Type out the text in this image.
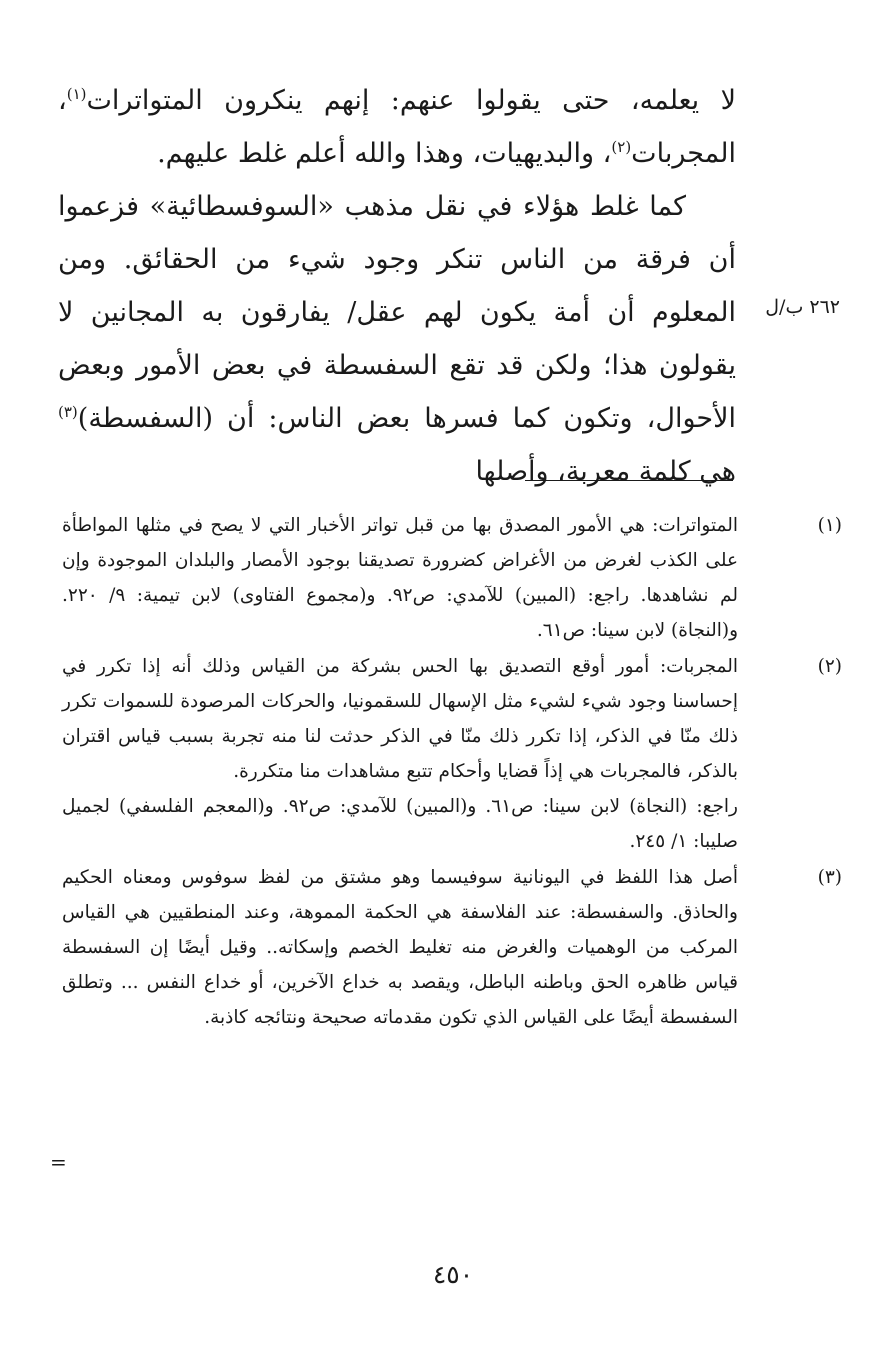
لا يعلمه، حتى يقولوا عنهم: إنهم ينكرون المتواترات$^{(١)}$، المجربات$^{(٢)}$، والبديهيات، وهذا والله أعلم غلط عليهم.

كما غلط هؤلاء في نقل مذهب «السوفسطائية» فزعموا أن فرقة من الناس تنكر وجود شيء من الحقائق. ومن المعلوم أن أمة يكون لهم عقل/ يفارقون به المجانين لا يقولون هذا؛ ولكن قد تقع السفسطة في بعض الأمور وبعض الأحوال، وتكون كما فسرها بعض الناس: أن (السفسطة)$^{(٣)}$ هي كلمة معربة، وأصلها

٢٦٢ ب/ل
(١)

المتواترات: هي الأمور المصدق بها من قبل تواتر الأخبار التي لا يصح في مثلها المواطأة على الكذب لغرض من الأغراض كضرورة تصديقنا بوجود الأمصار والبلدان الموجودة وإن لم نشاهدها. راجع: (المبين) للآمدي: ص٩٢. و(مجموع الفتاوى) لابن تيمية: ٩/ ٢٢٠. و(النجاة) لابن سينا: ص٦١.

(٢)

المجربات: أمور أوقع التصديق بها الحس بشركة من القياس وذلك أنه إذا تكرر في إحساسنا وجود شيء لشيء مثل الإسهال للسقمونيا، والحركات المرصودة للسموات تكرر ذلك منّا في الذكر، إذا تكرر ذلك منّا في الذكر حدثت لنا منه تجربة بسبب قياس اقتران بالذكر، فالمجربات هي إذاً قضايا وأحكام تتبع مشاهدات منا متكررة.

راجع: (النجاة) لابن سينا: ص٦١. و(المبين) للآمدي: ص٩٢. و(المعجم الفلسفي) لجميل صليبا: ١/ ٢٤٥.

(٣)

أصل هذا اللفظ في اليونانية سوفيسما وهو مشتق من لفظ سوفوس ومعناه الحكيم والحاذق. والسفسطة: عند الفلاسفة هي الحكمة المموهة، وعند المنطقيين هي القياس المركب من الوهميات والغرض منه تغليط الخصم وإسكاته.. وقيل أيضًا إن السفسطة قياس ظاهره الحق وباطنه الباطل، ويقصد به خداع الآخرين، أو خداع النفس ... وتطلق السفسطة أيضًا على القياس الذي تكون مقدماته صحيحة ونتائجه كاذبة.

=
٤٥٠
